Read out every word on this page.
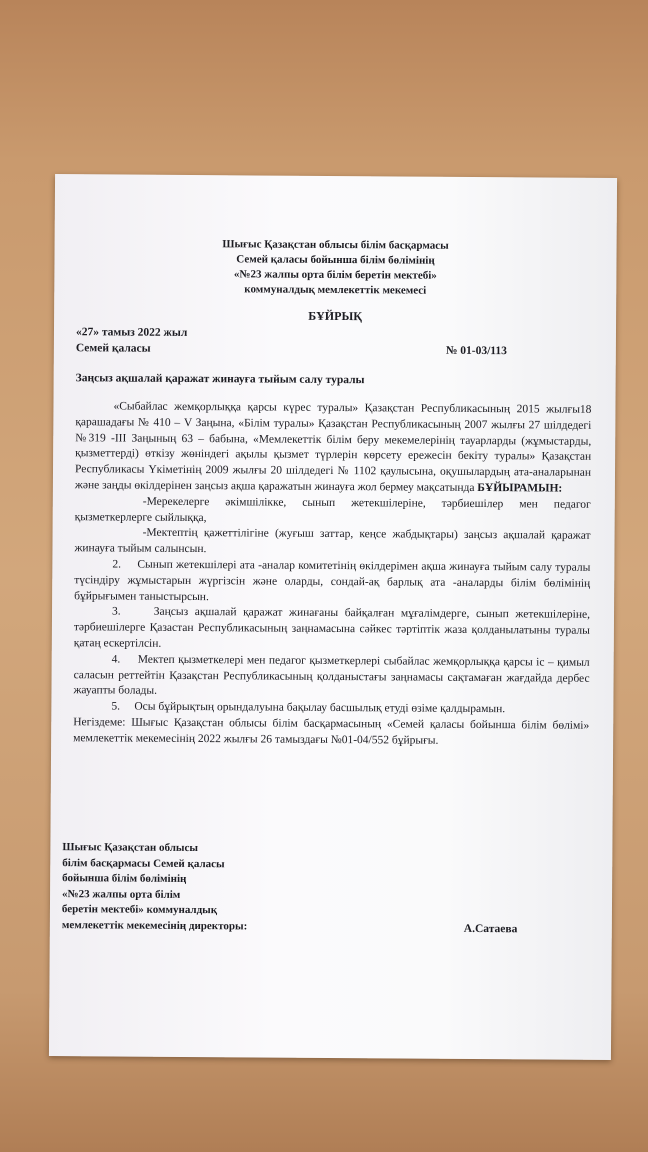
Шығыс Қазақстан облысы білім басқармасы
Семей қаласы бойынша білім бөлімінің
«№23 жалпы орта білім беретін мектебі»
коммуналдық мемлекеттік мекемесі
БҰЙРЫҚ
«27» тамыз 2022 жыл
Семей қаласы	№ 01-03/113
Заңсыз ақшалай қаражат жинауға тыйым салу туралы

«Сыбайлас жемқорлыққа қарсы күрес туралы» Қазақстан Республикасының 2015 жылғы18 қарашадағы № 410 – V Заңына, «Білім туралы» Қазақстан Республикасының 2007 жылғы 27 шілдедегі №319 -ІІІ Заңының 63 – бабына, «Мемлекеттік білім беру мекемелерінің тауарларды (жұмыстарды, қызметтерді) өткізу жөніндегі ақылы қызмет түрлерін көрсету ережесін бекіту туралы» Қазақстан Республикасы Үкіметінің 2009 жылғы 20 шілдедегі № 1102 қаулысына, оқушылардың ата-аналарынан және заңды өкілдерінен заңсыз ақша қаражатын жинауға жол бермеу мақсатында БҰЙЫРАМЫН:

-Мерекелерге әкімшілікке, сынып жетекшілеріне, тәрбиешілер мен педагог қызметкерлерге сыйлыққа,

-Мектептің қажеттілігіне (жуғыш заттар, кеңсе жабдықтары) заңсыз ақшалай қаражат жинауға тыйым салынсын.

2. Сынып жетекшілері ата -аналар комитетінің өкілдерімен ақша жинауға тыйым салу туралы түсіндіру жұмыстарын жүргізсін және оларды, сондай-ақ барлық ата -аналарды білім бөлімінің бұйрығымен таныстырсын.

3.	Заңсыз ақшалай қаражат жинағаны байқалған мұғалімдерге, сынып жетекшілеріне, тәрбиешілерге Қазастан Республикасының заңнамасына сәйкес тәртіптік жаза қолданылатыны туралы қатаң ескертілсін.

4. Мектеп қызметкелері мен педагог қызметкерлері сыбайлас жемқорлыққа қарсы іс – қимыл саласын реттейтін Қазақстан Республикасының қолданыстағы заңнамасы сақтамаған жағдайда дербес жауапты болады.

5. Осы бұйрықтың орындалуына бақылау басшылық етуді өзіме қалдырамын.

Негіздеме: Шығыс Қазақстан облысы білім басқармасының «Семей қаласы бойынша білім бөлімі» мемлекеттік мекемесінің 2022 жылғы 26 тамыздағы №01-04/552 бұйрығы.

Шығыс Қазақстан облысы
білім басқармасы Семей қаласы
бойынша білім бөлімінің
«№23 жалпы орта білім
беретін мектебі» коммуналдық
мемлекеттік мекемесінің директоры:	А.Сатаева
